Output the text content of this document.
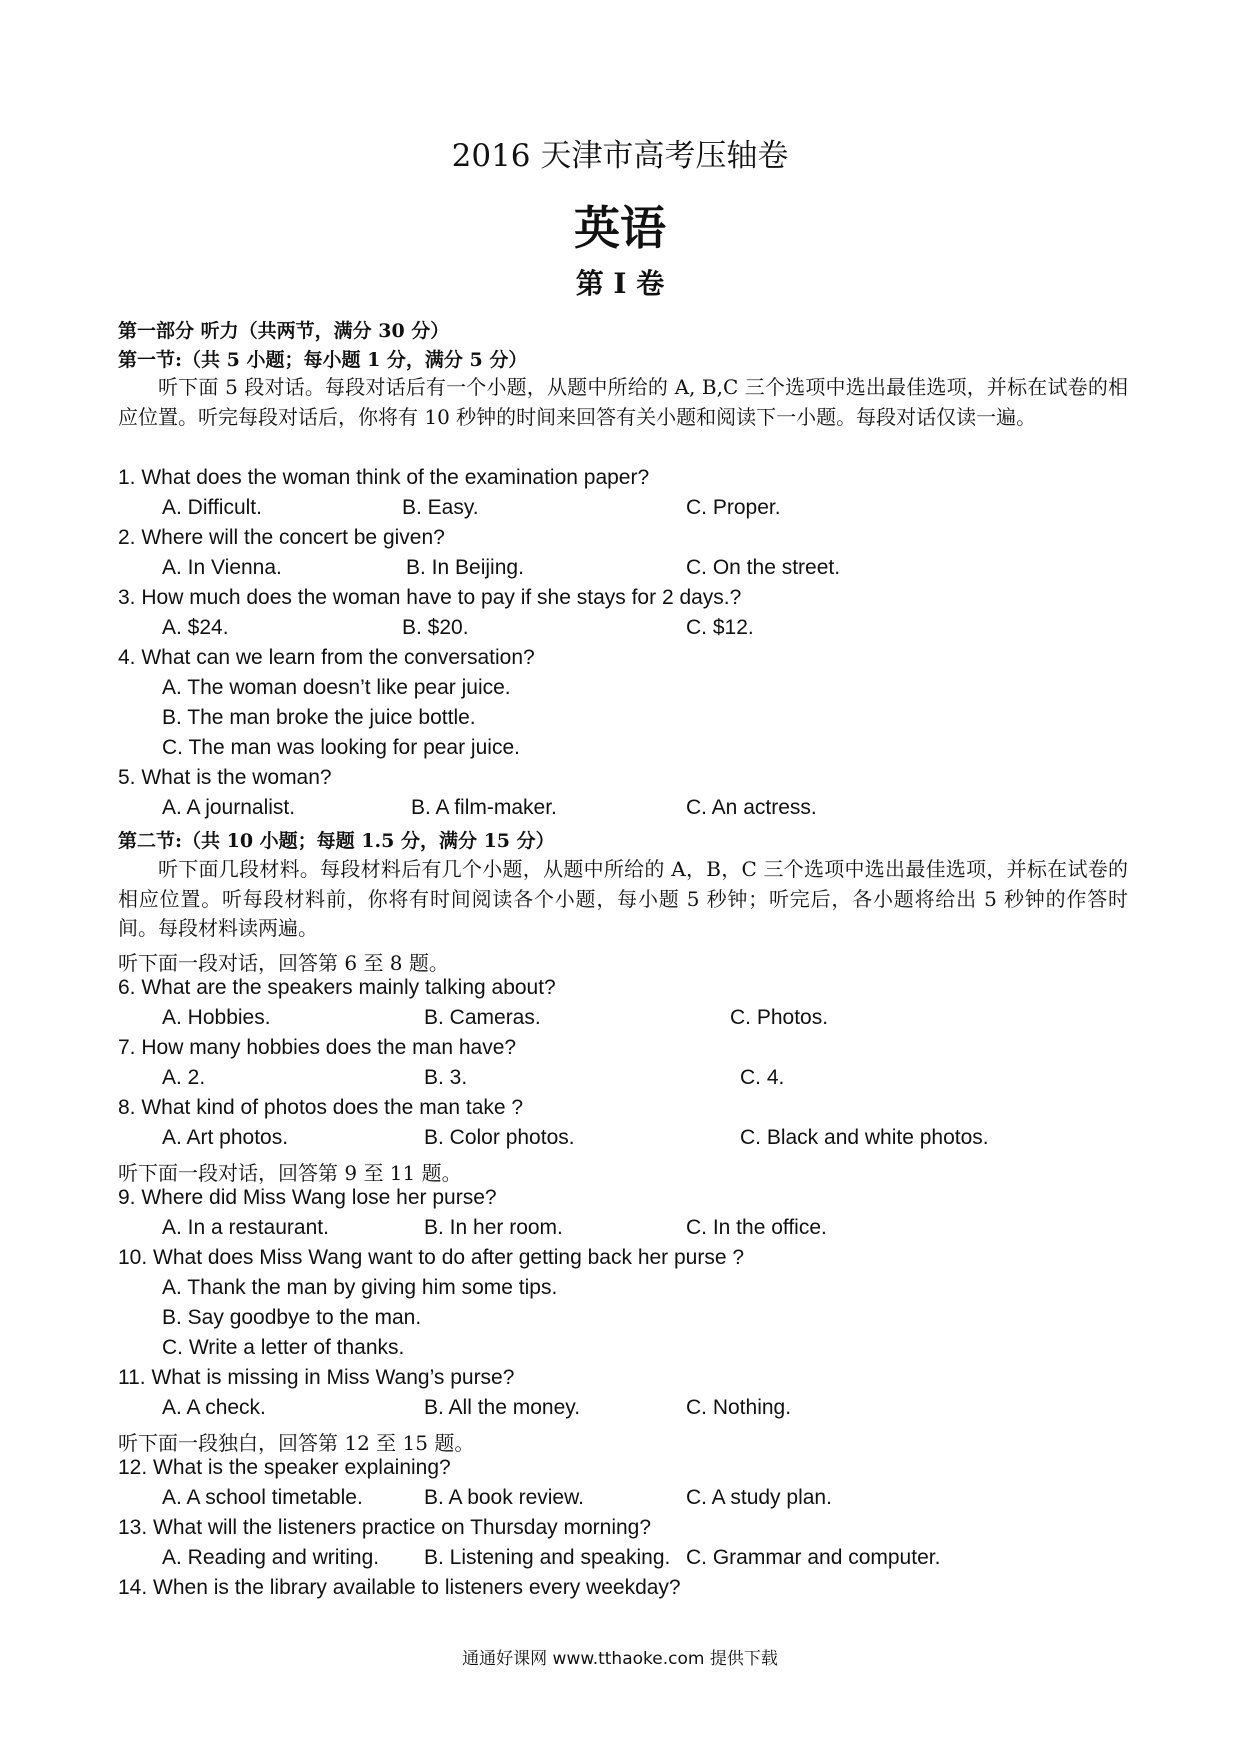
2016 天津市高考压轴卷
英语
第 I 卷
第一部分 听力（共两节，满分 30 分）
第一节:（共 5 小题；每小题 1 分，满分 5 分）
听下面 5 段对话。每段对话后有一个小题，从题中所给的 A, B,C 三个选项中选出最佳选项，并标在试卷的相应位置。听完每段对话后，你将有 10 秒钟的时间来回答有关小题和阅读下一小题。每段对话仅读一遍。
1. What does the woman think of the examination paper?
A. Difficult.	B. Easy.	C. Proper.
2. Where will the concert be given?
A. In Vienna.	B. In Beijing.	C. On the street.
3. How much does the woman have to pay if she stays for 2 days.?
A. $24.	B. $20.	C. $12.
4. What can we learn from the conversation?
A. The woman doesn’t like pear juice.
B. The man broke the juice bottle.
C. The man was looking for pear juice.
5. What is the woman?
A. A journalist.	B. A film-maker.	C. An actress.
第二节:（共 10 小题；每题 1.5 分，满分 15 分）
听下面几段材料。每段材料后有几个小题，从题中所给的 A，B，C 三个选项中选出最佳选项，并标在试卷的相应位置。听每段材料前，你将有时间阅读各个小题，每小题 5 秒钟；听完后，各小题将给出 5 秒钟的作答时间。每段材料读两遍。
听下面一段对话，回答第 6 至 8 题。
6. What are the speakers mainly talking about?
A. Hobbies.	B. Cameras.	C. Photos.
7. How many hobbies does the man have?
A. 2.	B. 3.	C. 4.
8. What kind of photos does the man take ?
A. Art photos.	B. Color photos.	C. Black and white photos.
听下面一段对话，回答第 9 至 11 题。
9. Where did Miss Wang lose her purse?
A. In a restaurant.	B. In her room.	C. In the office.
10. What does Miss Wang want to do after getting back her purse ?
A. Thank the man by giving him some tips.
B. Say goodbye to the man.
C. Write a letter of thanks.
11. What is missing in Miss Wang’s purse?
A. A check.	B. All the money.	C. Nothing.
听下面一段独白，回答第 12 至 15 题。
12. What is the speaker explaining?
A. A school timetable.	B. A book review.	C. A study plan.
13. What will the listeners practice on Thursday morning?
A. Reading and writing. B. Listening and speaking. C. Grammar and computer.
14. When is the library available to listeners every weekday?
通通好课网 www.tthaoke.com 提供下载
